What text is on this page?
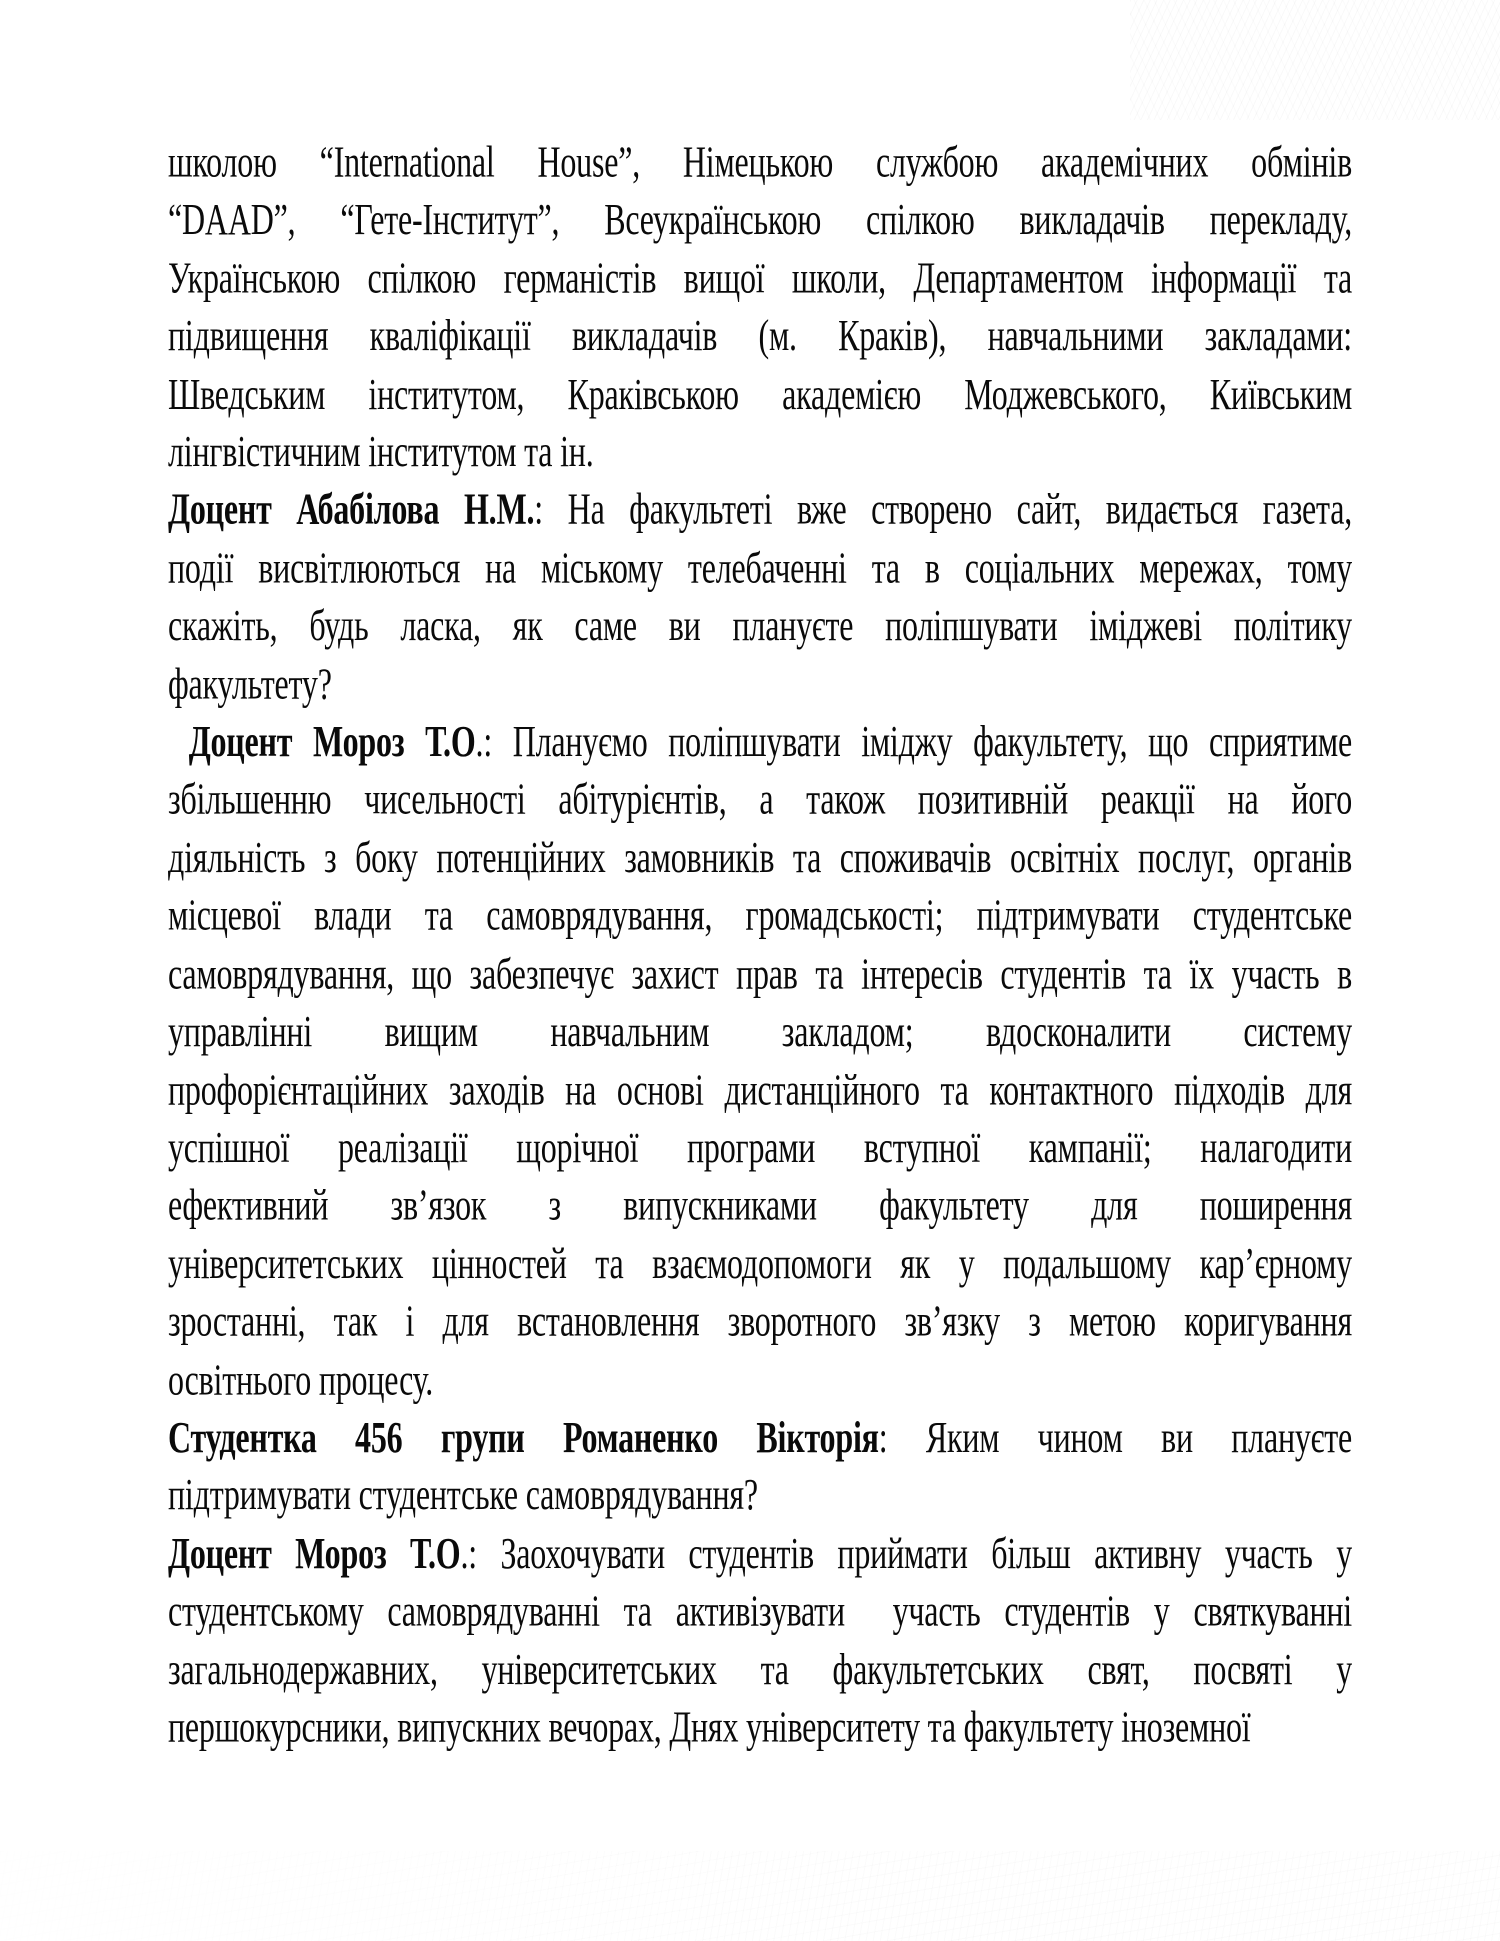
школою “International House”, Німецькою службою академічних обмінів
“DAAD”, “Гете-Інститут”, Всеукраїнською спілкою викладачів перекладу,
Українською спілкою германістів вищої школи, Департаментом інформації та
підвищення кваліфікації викладачів (м. Краків), навчальними закладами:
Шведським інститутом, Краківською академією Моджевського, Київським
лінгвістичним інститутом та ін.
Доцент Абабілова Н.М.: На факультеті вже створено сайт, видається газета,
події висвітлюються на міському телебаченні та в соціальних мережах, тому
скажіть, будь ласка, як саме ви плануєте поліпшувати іміджеві політику
факультету?
Доцент Мороз Т.О.: Плануємо поліпшувати іміджу факультету, що сприятиме
збільшенню чисельності абітурієнтів, а також позитивній реакції на його
діяльність з боку потенційних замовників та споживачів освітніх послуг, органів
місцевої влади та самоврядування, громадськості; підтримувати студентське
самоврядування, що забезпечує захист прав та інтересів студентів та їх участь в
управлінні вищим навчальним закладом; вдосконалити систему
профорієнтаційних заходів на основі дистанційного та контактного підходів для
успішної реалізації щорічної програми вступної кампанії; налагодити
ефективний зв’язок з випускниками факультету для поширення
університетських цінностей та взаємодопомоги як у подальшому кар’єрному
зростанні, так і для встановлення зворотного зв’язку з метою коригування
освітнього процесу.
Студентка 456 групи Романенко Вікторія: Яким чином ви плануєте
підтримувати студентське самоврядування?
Доцент Мороз Т.О.: Заохочувати студентів приймати більш активну участь у
студентському самоврядуванні та активізувати  участь студентів у святкуванні
загальнодержавних, університетських та факультетських свят, посвяті у
першокурсники, випускних вечорах, Днях університету та факультету іноземної
